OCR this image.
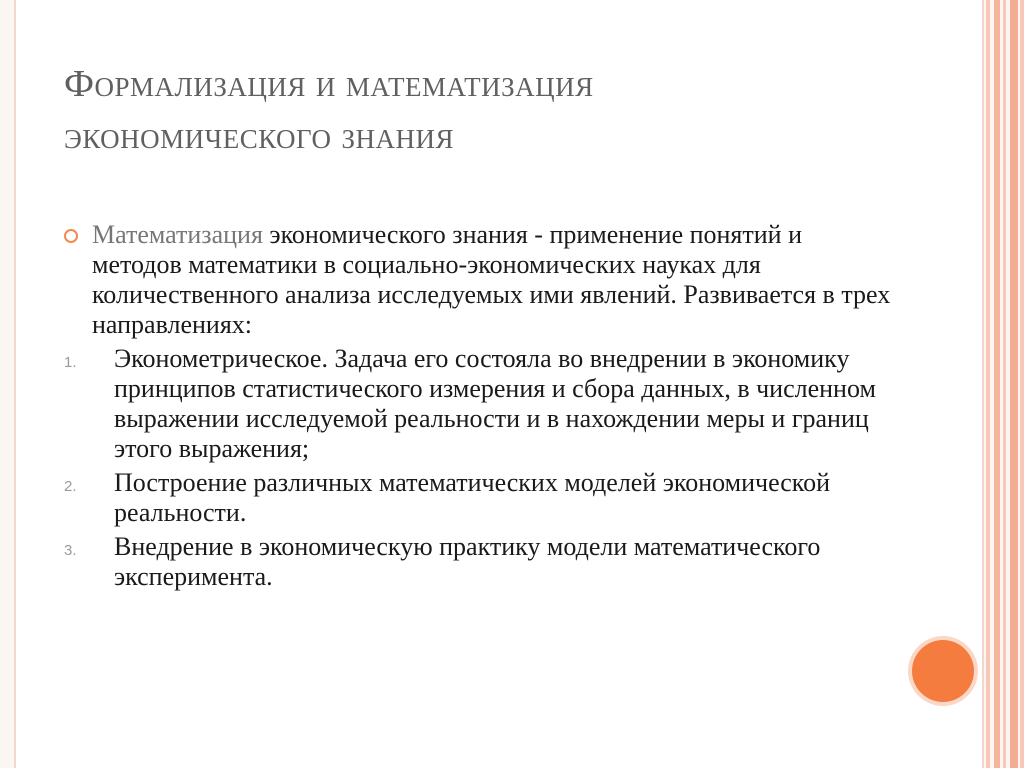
Формализация и математизация
экономического знания
Математизация экономического знания - применение понятий и методов математики в социально-экономических науках для количественного анализа исследуемых ими явлений. Развивается в трех направлениях:
1. Эконометрическое. Задача его состояла во внедрении в экономику принципов статистического измерения и сбора данных, в численном выражении исследуемой реальности и в нахождении меры и границ этого выражения;
2. Построение различных математических моделей экономической реальности.
3. Внедрение в экономическую практику модели математического эксперимента.
